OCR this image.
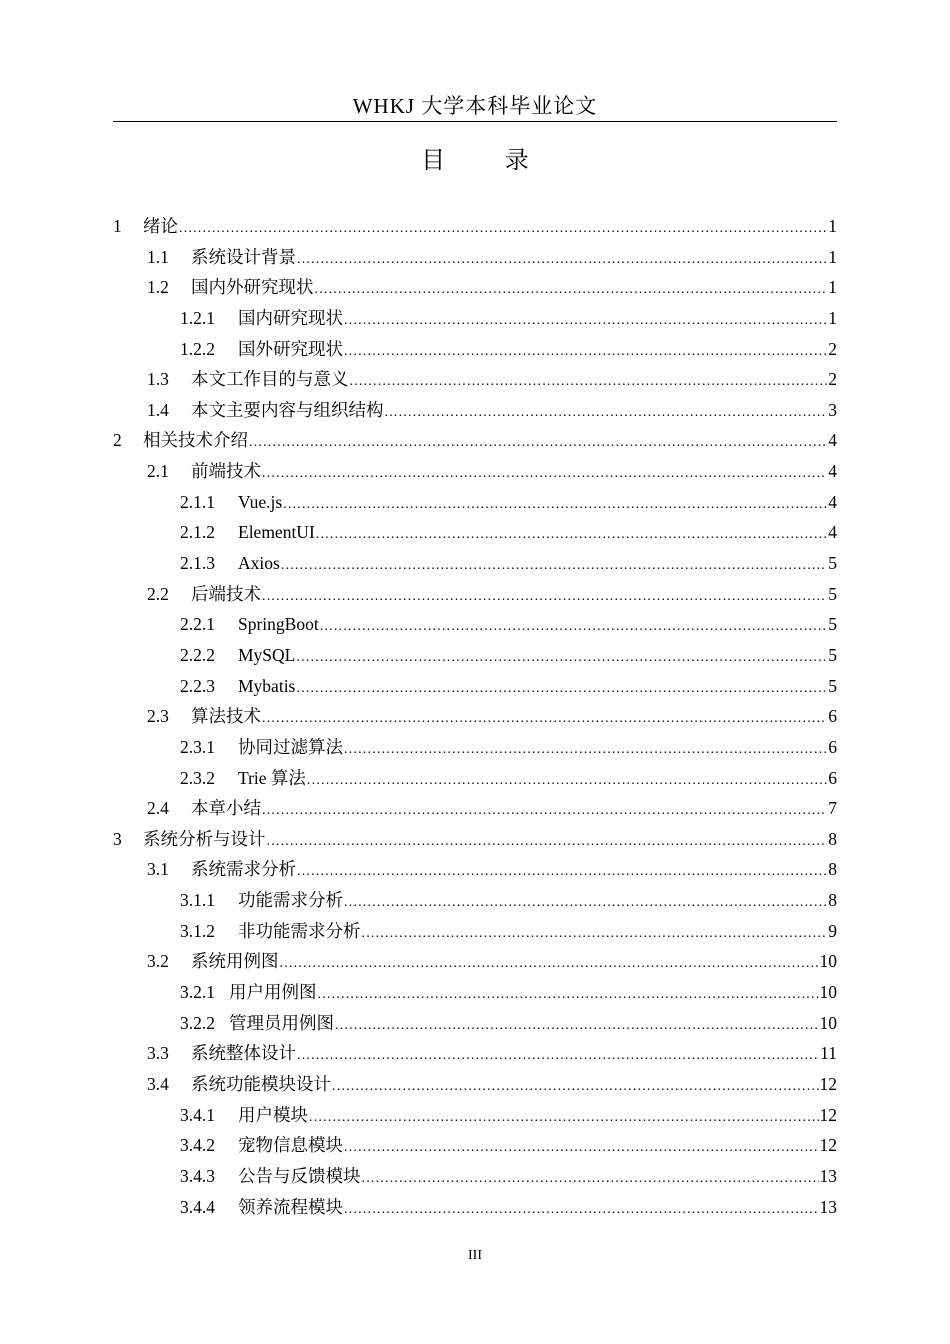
WHKJ 大学本科毕业论文
目 录
1	绪论 .....	1
1.1	系统设计背景 .....	1
1.2	国内外研究现状 .....	1
1.2.1	国内研究现状 .....	1
1.2.2	国外研究现状 .....	2
1.3	本文工作目的与意义 .....	2
1.4	本文主要内容与组织结构 .....	3
2	相关技术介绍 .....	4
2.1	前端技术 .....	4
2.1.1	Vue.js .....	4
2.1.2	ElementUI .....	4
2.1.3	Axios .....	5
2.2	后端技术 .....	5
2.2.1	SpringBoot .....	5
2.2.2	MySQL .....	5
2.2.3	Mybatis .....	5
2.3	算法技术 .....	6
2.3.1	协同过滤算法 .....	6
2.3.2	Trie 算法 .....	6
2.4	本章小结 .....	7
3	系统分析与设计 .....	8
3.1	系统需求分析 .....	8
3.1.1	功能需求分析 .....	8
3.1.2	非功能需求分析 .....	9
3.2	系统用例图 .....	10
3.2.1 用户用例图 .....	10
3.2.2 管理员用例图 .....	10
3.3	系统整体设计 .....	11
3.4	系统功能模块设计 .....	12
3.4.1	用户模块 .....	12
3.4.2	宠物信息模块 .....	12
3.4.3	公告与反馈模块 .....	13
3.4.4	领养流程模块 .....	13
III
